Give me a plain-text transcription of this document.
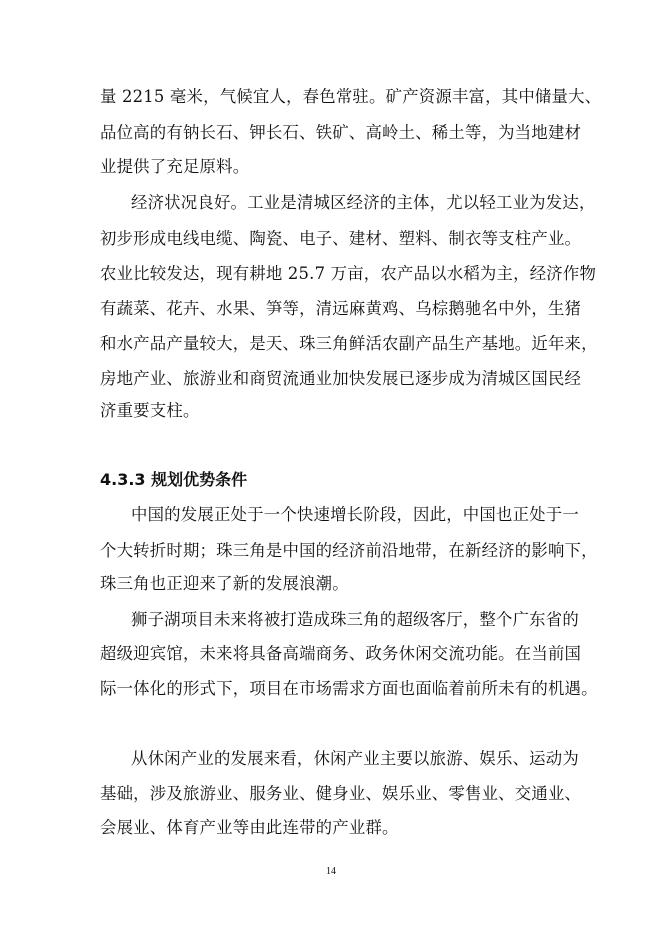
量 2215 毫米，气候宜人，春色常驻。矿产资源丰富，其中储量大、
品位高的有钠长石、钾长石、铁矿、高岭土、稀土等，为当地建材
业提供了充足原料。
经济状况良好。工业是清城区经济的主体，尤以轻工业为发达，
初步形成电线电缆、陶瓷、电子、建材、塑料、制衣等支柱产业。
农业比较发达，现有耕地 25.7 万亩，农产品以水稻为主，经济作物
有蔬菜、花卉、水果、笋等，清远麻黄鸡、乌棕鹅驰名中外，生猪
和水产品产量较大，是天、珠三角鲜活农副产品生产基地。近年来，
房地产业、旅游业和商贸流通业加快发展已逐步成为清城区国民经
济重要支柱。
4.3.3 规划优势条件
中国的发展正处于一个快速增长阶段，因此，中国也正处于一
个大转折时期；珠三角是中国的经济前沿地带，在新经济的影响下，
珠三角也正迎来了新的发展浪潮。
狮子湖项目未来将被打造成珠三角的超级客厅，整个广东省的
超级迎宾馆，未来将具备高端商务、政务休闲交流功能。在当前国
际一体化的形式下，项目在市场需求方面也面临着前所未有的机遇。
从休闲产业的发展来看，休闲产业主要以旅游、娱乐、运动为
基础，涉及旅游业、服务业、健身业、娱乐业、零售业、交通业、
会展业、体育产业等由此连带的产业群。
14
